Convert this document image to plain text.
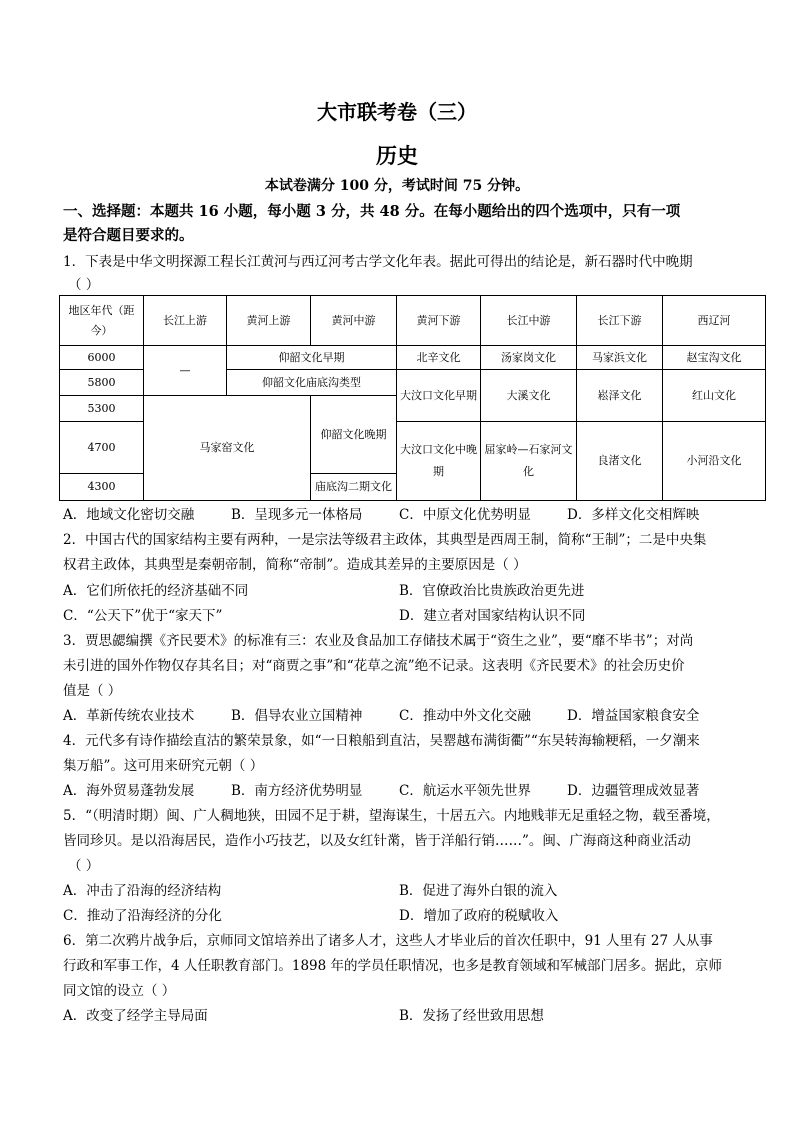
大市联考卷（三）
历史
本试卷满分 100 分，考试时间 75 分钟。
一、选择题：本题共 16 小题，每小题 3 分，共 48 分。在每小题给出的四个选项中，只有一项
是符合题目要求的。
1．下表是中华文明探源工程长江黄河与西辽河考古学文化年表。据此可得出的结论是，新石器时代中晚期
（ ）
地区年代（距今）	长江上游	黄河上游	黄河中游	黄河下游	长江中游	长江下游	西辽河
6000	—	仰韶文化早期		北辛文化	汤家岗文化	马家浜文化	赵宝沟文化
5800		仰韶文化庙底沟类型		大汶口文化早期	大溪文化	崧泽文化	红山文化
5300	马家窑文化		仰韶文化晚期				
4700				大汶口文化中晚期	屈家岭—石家河文化	良渚文化	小河沿文化
4300			庙底沟二期文化				
A．地域文化密切交融	B．呈现多元一体格局	C．中原文化优势明显	D．多样文化交相辉映
2．中国古代的国家结构主要有两种，一是宗法等级君主政体，其典型是西周王制，简称“王制”；二是中央集
权君主政体，其典型是秦朝帝制，简称“帝制”。造成其差异的主要原因是（ ）
A．它们所依托的经济基础不同	B．官僚政治比贵族政治更先进
C．“公天下”优于“家天下”	D．建立者对国家结构认识不同
3．贾思勰编撰《齐民要术》的标准有三：农业及食品加工存储技术属于“资生之业”，要“靡不毕书”；对尚
未引进的国外作物仅存其名目；对“商贾之事”和“花草之流”绝不记录。这表明《齐民要术》的社会历史价
值是（ ）
A．革新传统农业技术	B．倡导农业立国精神	C．推动中外文化交融	D．增益国家粮食安全
4．元代多有诗作描绘直沽的繁荣景象，如“一日粮船到直沽，吴罂越布满街衢”“东吴转海输粳稻，一夕潮来
集万船”。这可用来研究元朝（ ）
A．海外贸易蓬勃发展	B．南方经济优势明显	C．航运水平领先世界	D．边疆管理成效显著
5．“（明清时期）闽、广人稠地狭，田园不足于耕，望海谋生，十居五六。内地贱菲无足重轻之物，载至番境，
皆同珍贝。是以沿海居民，造作小巧技艺，以及女红针黹，皆于洋船行销……”。闽、广海商这种商业活动
（ ）
A．冲击了沿海的经济结构	B．促进了海外白银的流入
C．推动了沿海经济的分化	D．增加了政府的税赋收入
6．第二次鸦片战争后，京师同文馆培养出了诸多人才，这些人才毕业后的首次任职中，91 人里有 27 人从事
行政和军事工作，4 人任职教育部门。1898 年的学员任职情况，也多是教育领域和军械部门居多。据此，京师
同文馆的设立（ ）
A．改变了经学主导局面	B．发扬了经世致用思想
